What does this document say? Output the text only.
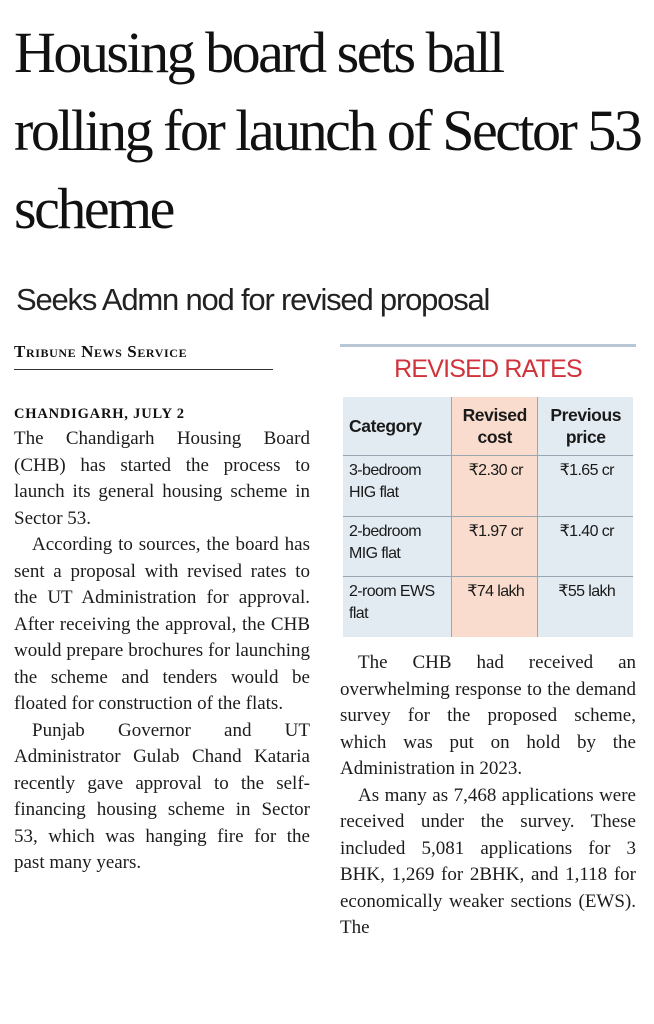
Housing board sets ball rolling for launch of Sector 53 scheme
Seeks Admn nod for revised proposal
Tribune News Service
CHANDIGARH, JULY 2

The Chandigarh Housing Board (CHB) has started the process to launch its general housing scheme in Sector 53.

According to sources, the board has sent a proposal with revised rates to the UT Administration for approval. After receiving the approval, the CHB would prepare brochures for launching the scheme and tenders would be floated for construction of the flats.

Punjab Governor and UT Administrator Gulab Chand Kataria recently gave approval to the self-financing housing scheme in Sector 53, which was hanging fire for the past many years.

REVISED RATES
Category	Revised cost	Previous price
3-bedroom HIG flat	₹2.30 cr	₹1.65 cr
2-bedroom MIG flat	₹1.97 cr	₹1.40 cr
2-room EWS flat	₹74 lakh	₹55 lakh

The CHB had received an overwhelming response to the demand survey for the proposed scheme, which was put on hold by the Administration in 2023.

As many as 7,468 applications were received under the survey. These included 5,081 applications for 3 BHK, 1,269 for 2BHK, and 1,118 for economically weaker sections (EWS). The
